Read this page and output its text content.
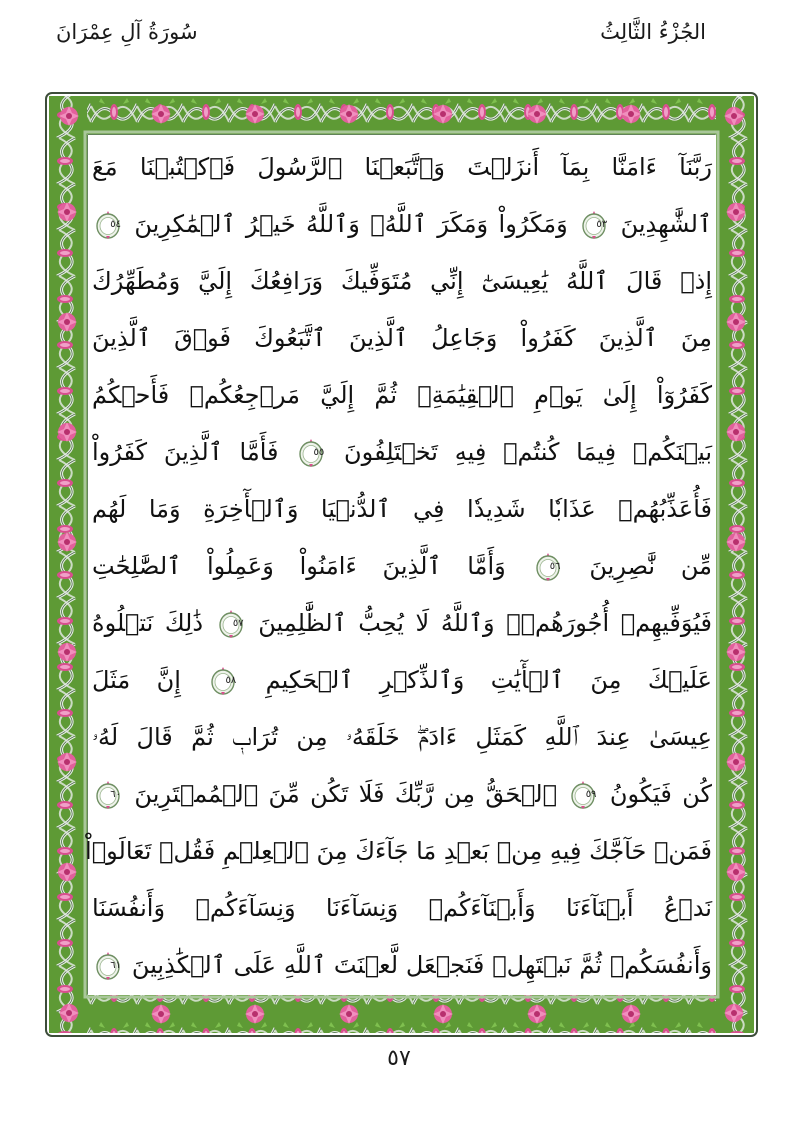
الجُزْءُ الثَّالِثُ
سُورَةُ آلِ عِمْرَانَ
رَبَّنَآ ءَامَنَّا بِمَآ أَنزَلۡتَ وَٱتَّبَعۡنَا ٱلرَّسُولَ فَٱكۡتُبۡنَا مَعَ
ٱلشَّٰهِدِينَ
٥٣
وَمَكَرُواْ وَمَكَرَ ٱللَّهُۖ وَٱللَّهُ خَيۡرُ ٱلۡمَٰكِرِينَ
٥٤
إِذۡ قَالَ ٱللَّهُ يَٰعِيسَىٰٓ إِنِّي مُتَوَفِّيكَ وَرَافِعُكَ إِلَيَّ وَمُطَهِّرُكَ
مِنَ ٱلَّذِينَ كَفَرُواْ وَجَاعِلُ ٱلَّذِينَ ٱتَّبَعُوكَ فَوۡقَ ٱلَّذِينَ
كَفَرُوٓاْ إِلَىٰ يَوۡمِ ٱلۡقِيَٰمَةِۖ ثُمَّ إِلَيَّ مَرۡجِعُكُمۡ فَأَحۡكُمُ
بَيۡنَكُمۡ فِيمَا كُنتُمۡ فِيهِ تَخۡتَلِفُونَ
٥٥
فَأَمَّا ٱلَّذِينَ كَفَرُواْ
فَأُعَذِّبُهُمۡ عَذَابٗا شَدِيدٗا فِي ٱلدُّنۡيَا وَٱلۡأٓخِرَةِ وَمَا لَهُم
مِّن نَّٰصِرِينَ
٥٦
وَأَمَّا ٱلَّذِينَ ءَامَنُواْ وَعَمِلُواْ ٱلصَّٰلِحَٰتِ
فَيُوَفِّيهِمۡ أُجُورَهُمۡۗ وَٱللَّهُ لَا يُحِبُّ ٱلظَّٰلِمِينَ
٥٧
ذَٰلِكَ نَتۡلُوهُ
عَلَيۡكَ مِنَ ٱلۡأٓيَٰتِ وَٱلذِّكۡرِ ٱلۡحَكِيمِ
٥٨
إِنَّ مَثَلَ
عِيسَىٰ عِندَ ٱللَّهِ كَمَثَلِ ءَادَمَۖ خَلَقَهُۥ مِن تُرَابٖ ثُمَّ قَالَ لَهُۥ
كُن فَيَكُونُ
٥٩
ٱلۡحَقُّ مِن رَّبِّكَ فَلَا تَكُن مِّنَ ٱلۡمُمۡتَرِينَ
٦٠
فَمَنۡ حَآجَّكَ فِيهِ مِنۢ بَعۡدِ مَا جَآءَكَ مِنَ ٱلۡعِلۡمِ فَقُلۡ تَعَالَوۡاْ
نَدۡعُ أَبۡنَآءَنَا وَأَبۡنَآءَكُمۡ وَنِسَآءَنَا وَنِسَآءَكُمۡ وَأَنفُسَنَا
وَأَنفُسَكُمۡ ثُمَّ نَبۡتَهِلۡ فَنَجۡعَل لَّعۡنَتَ ٱللَّهِ عَلَى ٱلۡكَٰذِبِينَ
٦١
٥٧
